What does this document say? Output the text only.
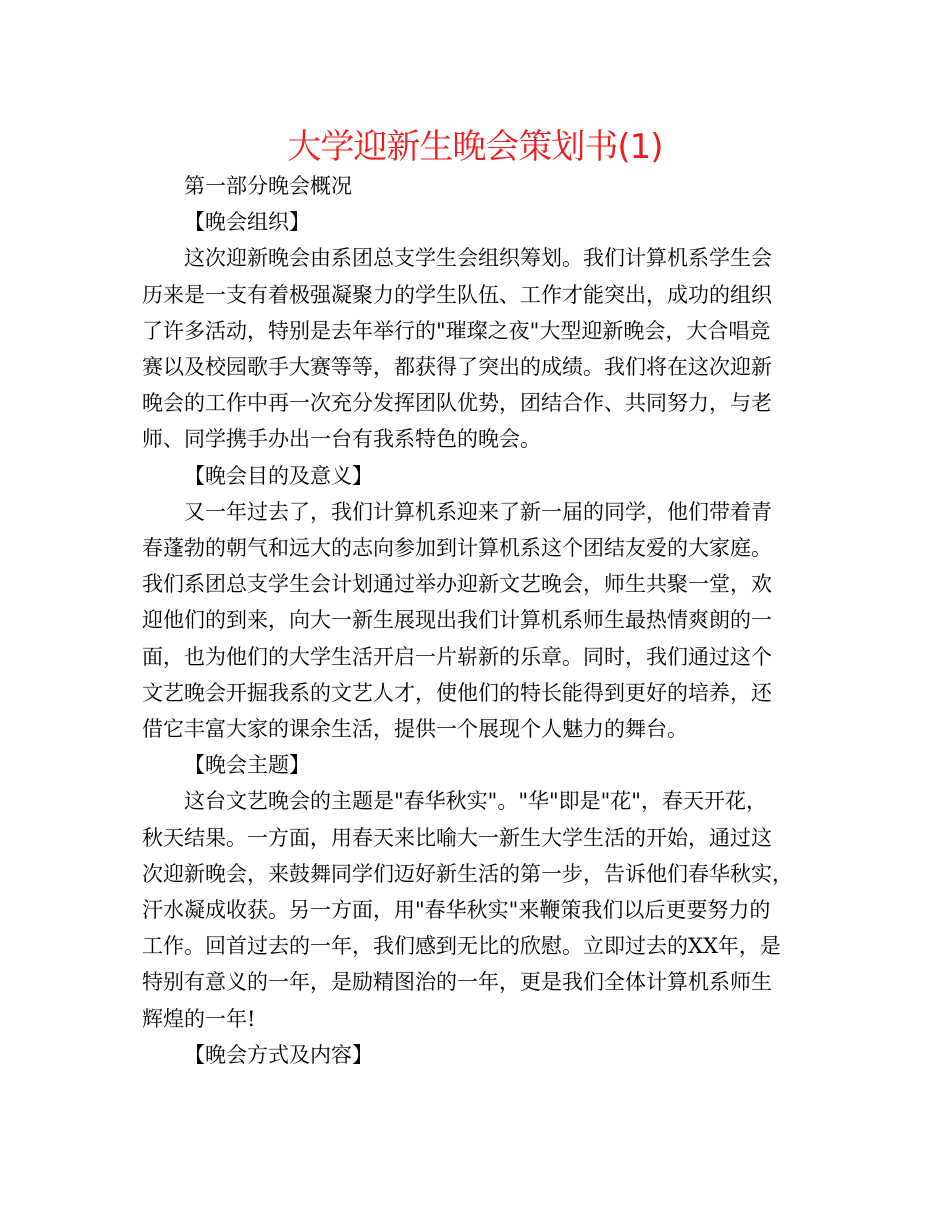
大学迎新生晚会策划书(1)

第一部分晚会概况

【晚会组织】

这次迎新晚会由系团总支学生会组织筹划。我们计算机系学生会

历来是一支有着极强凝聚力的学生队伍、工作才能突出，成功的组织

了许多活动，特别是去年举行的"璀璨之夜"大型迎新晚会，大合唱竞

赛以及校园歌手大赛等等，都获得了突出的成绩。我们将在这次迎新

晚会的工作中再一次充分发挥团队优势，团结合作、共同努力，与老

师、同学携手办出一台有我系特色的晚会。

【晚会目的及意义】

又一年过去了，我们计算机系迎来了新一届的同学，他们带着青

春蓬勃的朝气和远大的志向参加到计算机系这个团结友爱的大家庭。

我们系团总支学生会计划通过举办迎新文艺晚会，师生共聚一堂，欢

迎他们的到来，向大一新生展现出我们计算机系师生最热情爽朗的一

面，也为他们的大学生活开启一片崭新的乐章。同时，我们通过这个

文艺晚会开掘我系的文艺人才，使他们的特长能得到更好的培养，还

借它丰富大家的课余生活，提供一个展现个人魅力的舞台。

【晚会主题】

这台文艺晚会的主题是"春华秋实"。"华"即是"花"，春天开花，

秋天结果。一方面，用春天来比喻大一新生大学生活的开始，通过这

次迎新晚会，来鼓舞同学们迈好新生活的第一步，告诉他们春华秋实，

汗水凝成收获。另一方面，用"春华秋实"来鞭策我们以后更要努力的

工作。回首过去的一年，我们感到无比的欣慰。立即过去的XX年，是

特别有意义的一年，是励精图治的一年，更是我们全体计算机系师生

辉煌的一年!

【晚会方式及内容】
